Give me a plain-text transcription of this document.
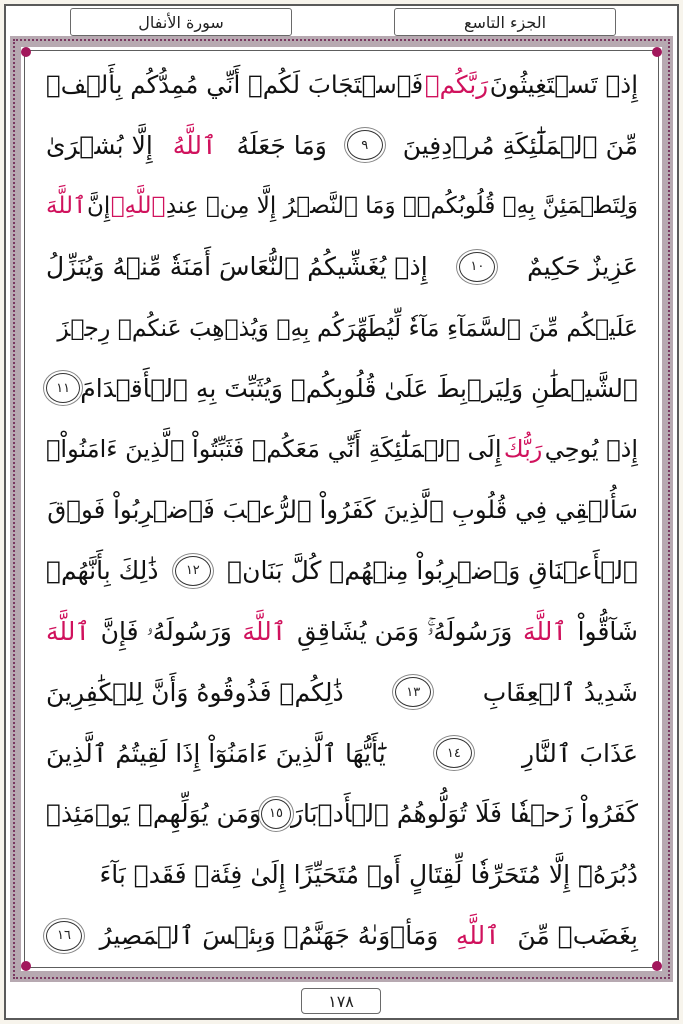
سورة الأنفال	الجزء التاسع
إِذۡ تَسۡتَغِيثُونَ
رَبَّكُمۡ
فَٱسۡتَجَابَ لَكُمۡ أَنِّي مُمِدُّكُم بِأَلۡفٖ
مِّنَ ٱلۡمَلَٰٓئِكَةِ مُرۡدِفِينَ
٩
وَمَا جَعَلَهُ
ٱللَّهُ
إِلَّا بُشۡرَىٰ
وَلِتَطۡمَئِنَّ بِهِۦ قُلُوبُكُمۡۚ وَمَا ٱلنَّصۡرُ إِلَّا مِنۡ عِندِ
ٱللَّهِۚ
إِنَّ
ٱللَّهَ
عَزِيزٌ حَكِيمٌ
١٠
إِذۡ يُغَشِّيكُمُ ٱلنُّعَاسَ أَمَنَةٗ مِّنۡهُ وَيُنَزِّلُ
عَلَيۡكُم مِّنَ ٱلسَّمَآءِ مَآءٗ لِّيُطَهِّرَكُم بِهِۦ وَيُذۡهِبَ عَنكُمۡ رِجۡزَ
ٱلشَّيۡطَٰنِ وَلِيَرۡبِطَ عَلَىٰ قُلُوبِكُمۡ وَيُثَبِّتَ بِهِ ٱلۡأَقۡدَامَ
١١
إِذۡ يُوحِي
رَبُّكَ
إِلَى ٱلۡمَلَٰٓئِكَةِ أَنِّي مَعَكُمۡ فَثَبِّتُواْ ٱلَّذِينَ ءَامَنُواْۚ
سَأُلۡقِي فِي قُلُوبِ ٱلَّذِينَ كَفَرُواْ ٱلرُّعۡبَ فَٱضۡرِبُواْ فَوۡقَ
ٱلۡأَعۡنَاقِ وَٱضۡرِبُواْ مِنۡهُمۡ كُلَّ بَنَانٖ
١٢
ذَٰلِكَ بِأَنَّهُمۡ
شَآقُّواْ
ٱللَّهَ
وَرَسُولَهُۥۚ وَمَن يُشَاقِقِ
ٱللَّهَ
وَرَسُولَهُۥ فَإِنَّ
ٱللَّهَ
شَدِيدُ ٱلۡعِقَابِ
١٣
ذَٰلِكُمۡ فَذُوقُوهُ وَأَنَّ لِلۡكَٰفِرِينَ
عَذَابَ ٱلنَّارِ
١٤
يَٰٓأَيُّهَا ٱلَّذِينَ ءَامَنُوٓاْ إِذَا لَقِيتُمُ ٱلَّذِينَ
كَفَرُواْ زَحۡفٗا فَلَا تُوَلُّوهُمُ ٱلۡأَدۡبَارَ
١٥
وَمَن يُوَلِّهِمۡ يَوۡمَئِذٖ
دُبُرَهُۥٓ إِلَّا مُتَحَرِّفٗا لِّقِتَالٍ أَوۡ مُتَحَيِّزًا إِلَىٰ فِئَةٖ فَقَدۡ بَآءَ
بِغَضَبٖ مِّنَ
ٱللَّهِ
وَمَأۡوَىٰهُ جَهَنَّمُۖ وَبِئۡسَ ٱلۡمَصِيرُ
١٦
١٧٨
